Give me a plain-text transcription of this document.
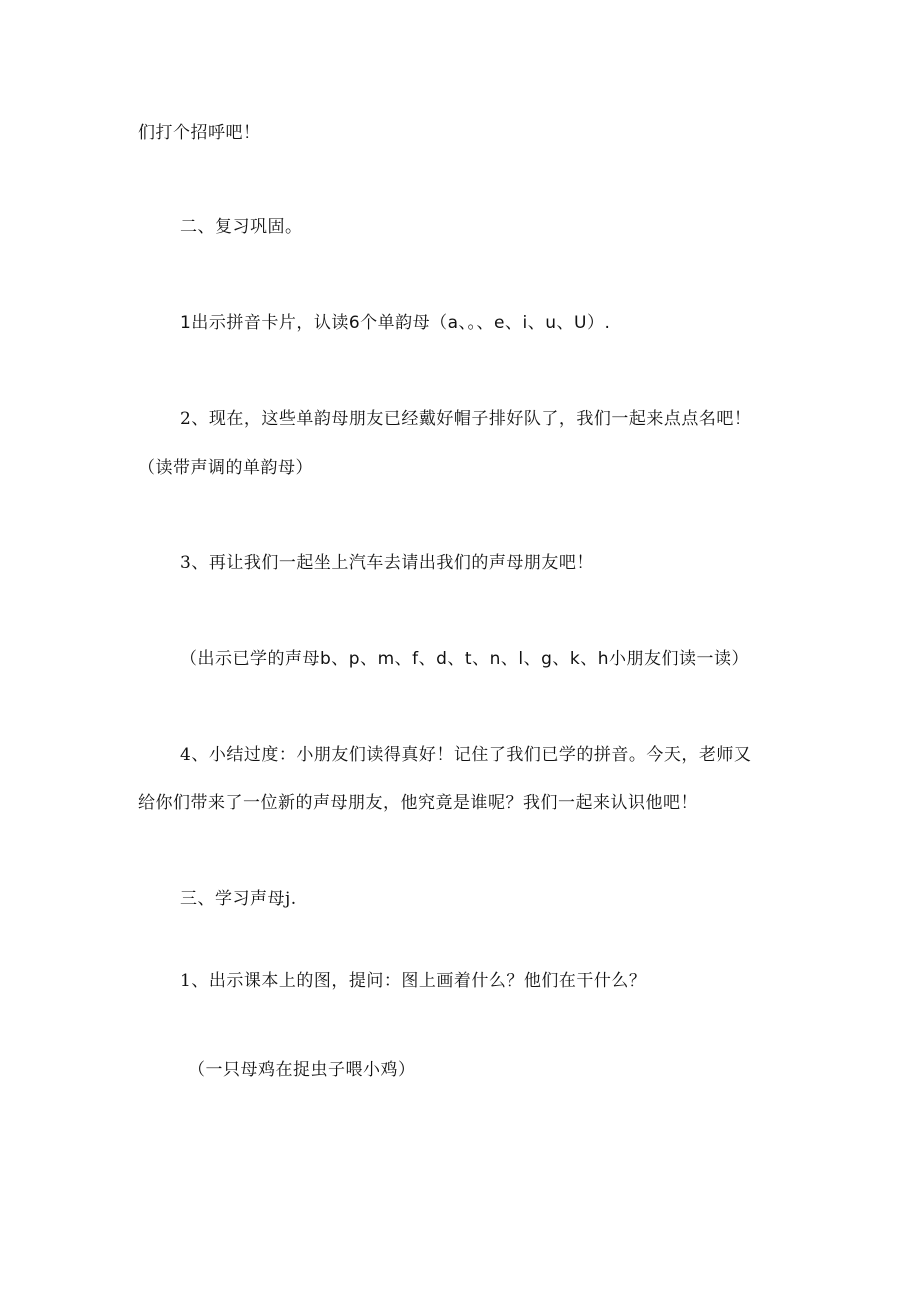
们打个招呼吧！
二、复习巩固。
1出示拼音卡片，认读6个单韵母（a、。、e、i、u、U）.
2、现在，这些单韵母朋友已经戴好帽子排好队了，我们一起来点点名吧！
（读带声调的单韵母）
3、再让我们一起坐上汽车去请出我们的声母朋友吧！
（出示已学的声母b、p、m、f、d、t、n、l、g、k、h小朋友们读一读）
4、小结过度：小朋友们读得真好！记住了我们已学的拼音。今天，老师又
给你们带来了一位新的声母朋友，他究竟是谁呢？我们一起来认识他吧！
三、学习声母j.
1、出示课本上的图，提问：图上画着什么？他们在干什么？
（一只母鸡在捉虫子喂小鸡）
